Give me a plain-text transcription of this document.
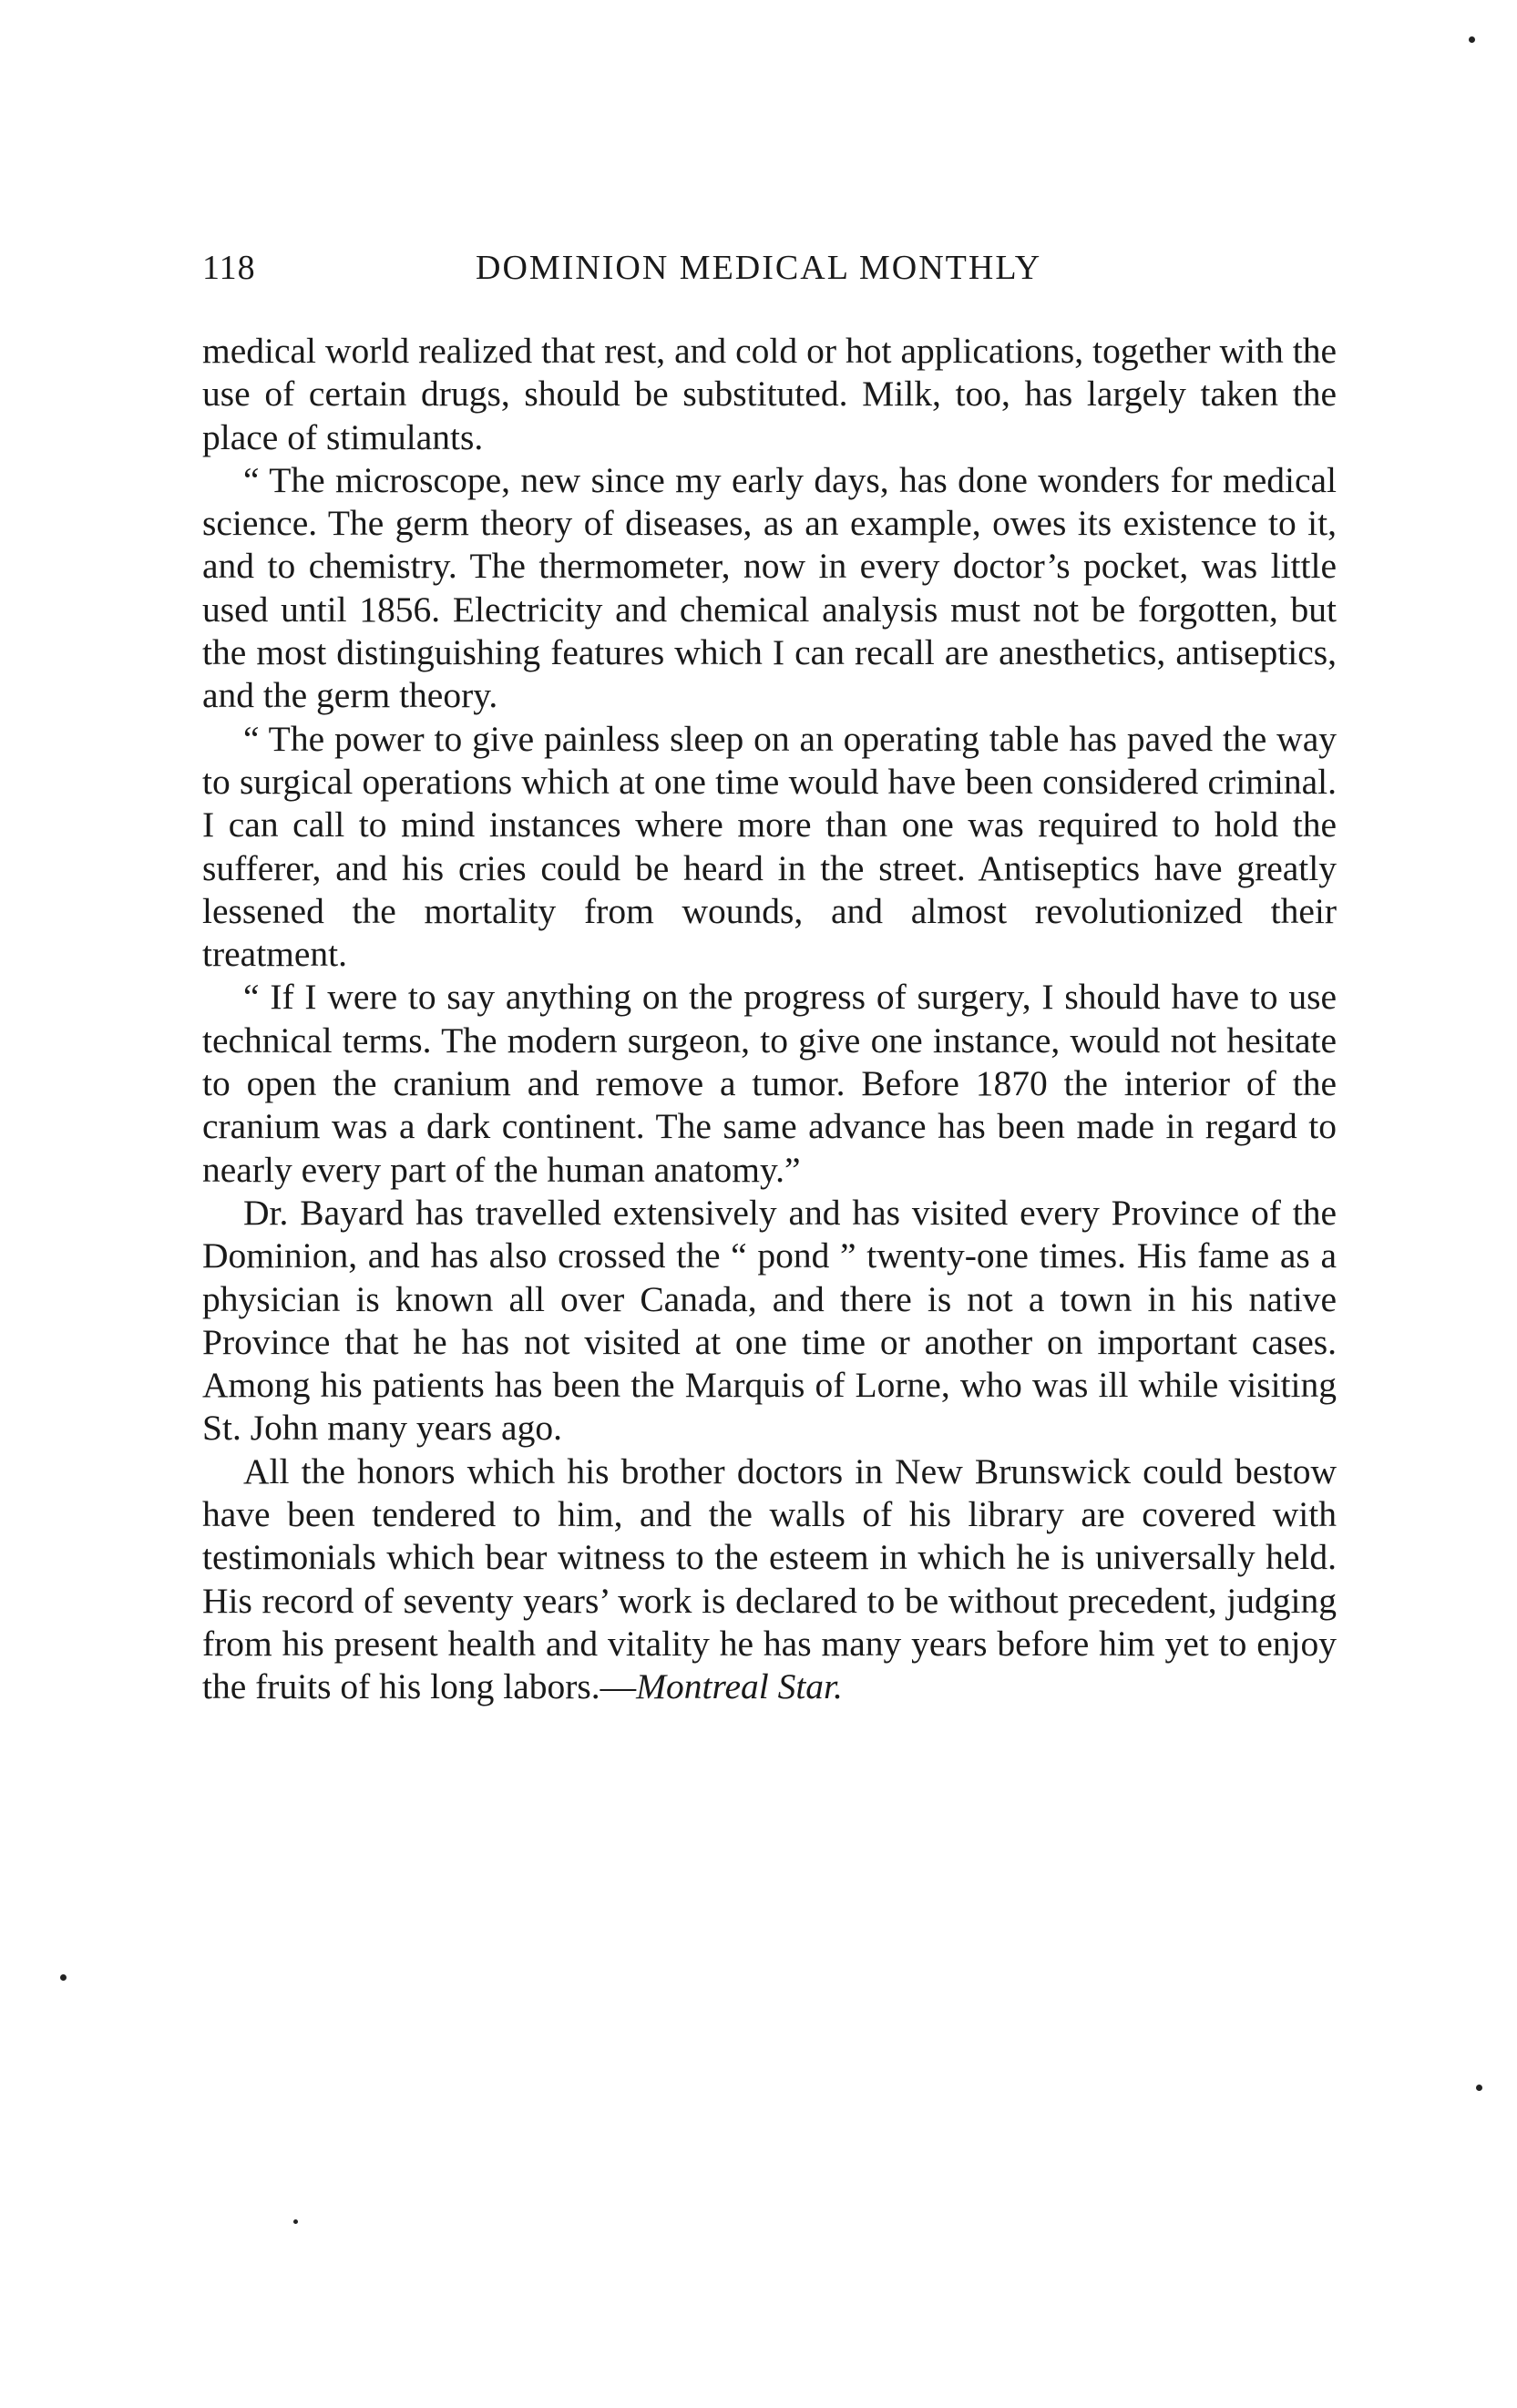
118	DOMINION MEDICAL MONTHLY

medical world realized that rest, and cold or hot applications, together with the use of certain drugs, should be substituted. Milk, too, has largely taken the place of stimulants.

“ The microscope, new since my early days, has done wonders for medical science. The germ theory of diseases, as an example, owes its existence to it, and to chemistry. The thermometer, now in every doctor’s pocket, was little used until 1856. Electricity and chemical analysis must not be forgotten, but the most distinguishing features which I can recall are anesthetics, antiseptics, and the germ theory.

“ The power to give painless sleep on an operating table has paved the way to surgical operations which at one time would have been considered criminal. I can call to mind instances where more than one was required to hold the sufferer, and his cries could be heard in the street. Antiseptics have greatly lessened the mortality from wounds, and almost revolutionized their treatment.

“ If I were to say anything on the progress of surgery, I should have to use technical terms. The modern surgeon, to give one instance, would not hesitate to open the cranium and remove a tumor. Before 1870 the interior of the cranium was a dark continent. The same advance has been made in regard to nearly every part of the human anatomy.”

Dr. Bayard has travelled extensively and has visited every Province of the Dominion, and has also crossed the “ pond ” twenty-one times. His fame as a physician is known all over Canada, and there is not a town in his native Province that he has not visited at one time or another on important cases. Among his patients has been the Marquis of Lorne, who was ill while visiting St. John many years ago.

All the honors which his brother doctors in New Brunswick could bestow have been tendered to him, and the walls of his library are covered with testimonials which bear witness to the esteem in which he is universally held. His record of seventy years’ work is declared to be without precedent, judging from his present health and vitality he has many years before him yet to enjoy the fruits of his long labors.—Montreal Star.
